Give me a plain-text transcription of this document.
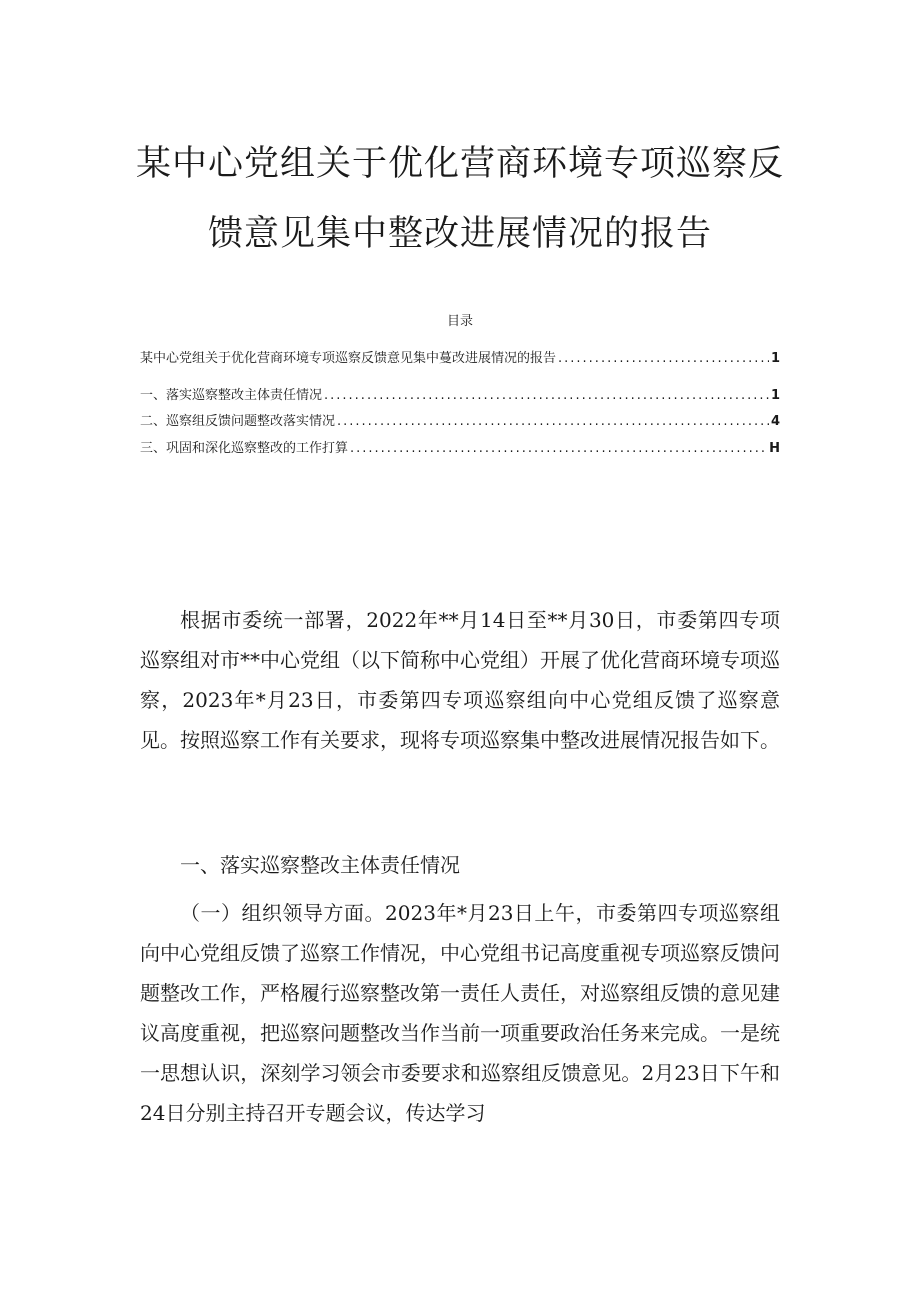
某中心党组关于优化营商环境专项巡察反
馈意见集中整改进展情况的报告
目录
某中心党组关于优化营商环境专项巡察反馈意见集中蔓改进展情况的报告 .....	1
一、落实巡察整改主体责任情况 .....	1
二、巡察组反馈问题整改落实情况 .....	4
三、巩固和深化巡察整改的工作打算 .....	H

根据市委统一部署，2022年**月14日至**月30日，市委第四专项巡察组对市**中心党组（以下简称中心党组）开展了优化营商环境专项巡察，2023年*月23日，市委第四专项巡察组向中心党组反馈了巡察意见。按照巡察工作有关要求，现将专项巡察集中整改进展情况报告如下。

一、落实巡察整改主体责任情况

（一）组织领导方面。2023年*月23日上午，市委第四专项巡察组向中心党组反馈了巡察工作情况，中心党组书记高度重视专项巡察反馈问题整改工作，严格履行巡察整改第一责任人责任，对巡察组反馈的意见建议高度重视，把巡察问题整改当作当前一项重要政治任务来完成。一是统一思想认识，深刻学习领会市委要求和巡察组反馈意见。2月23日下午和24日分别主持召开专题会议，传达学习
